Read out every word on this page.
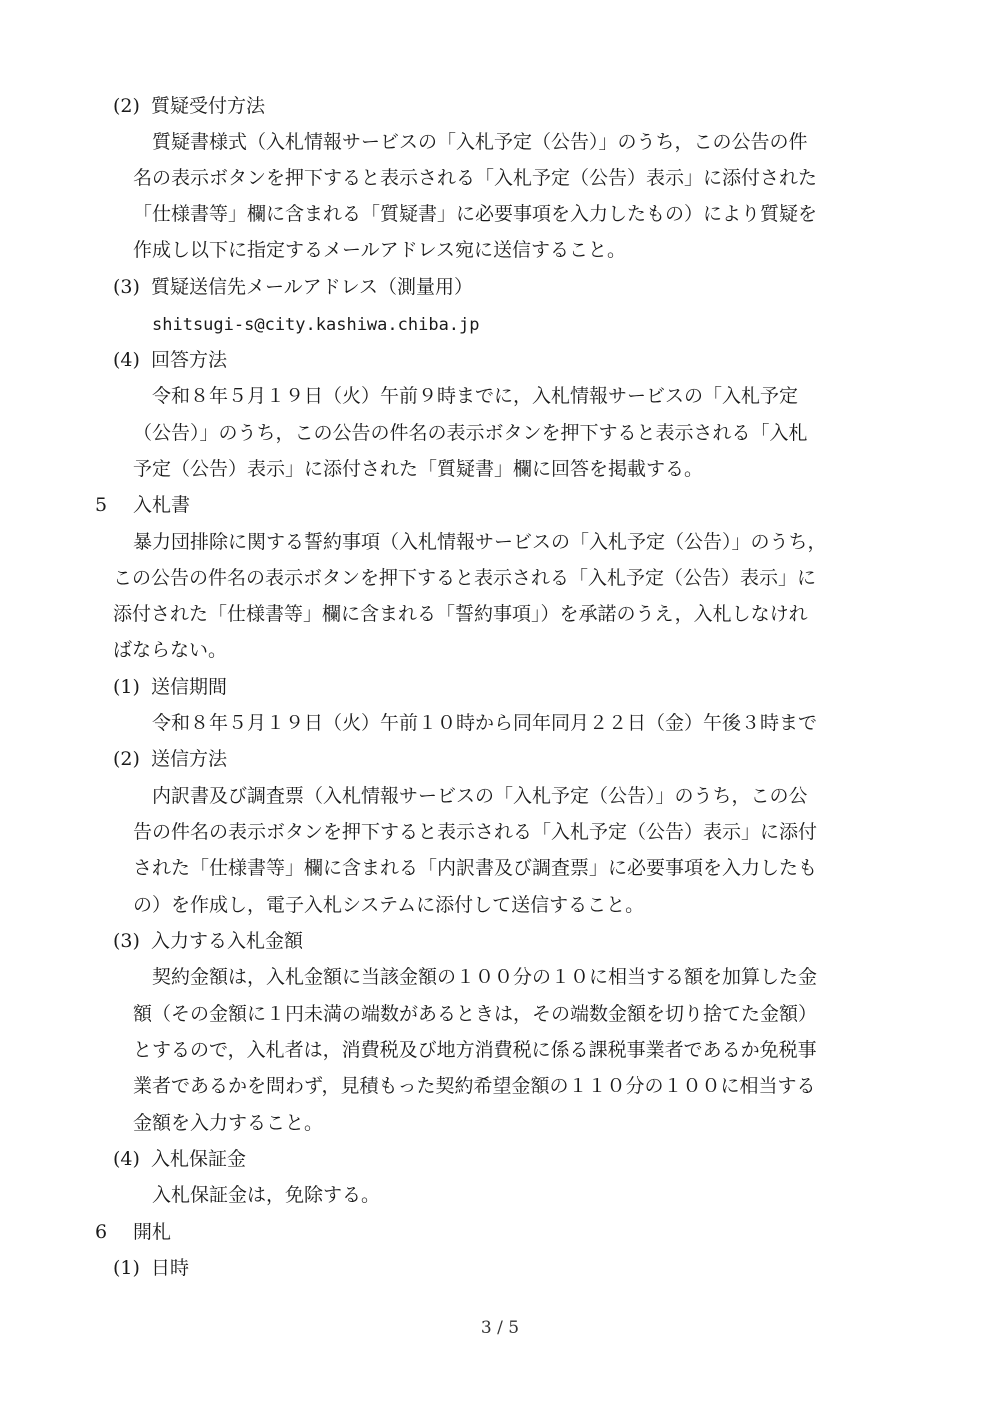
(2) 質疑受付方法
質疑書様式（入札情報サービスの「入札予定（公告）」のうち，この公告の件
名の表示ボタンを押下すると表示される「入札予定（公告）表示」に添付された
「仕様書等」欄に含まれる「質疑書」に必要事項を入力したもの）により質疑を
作成し以下に指定するメールアドレス宛に送信すること。
(3) 質疑送信先メールアドレス（測量用）
shitsugi-s@city.kashiwa.chiba.jp
(4) 回答方法
令和８年５月１９日（火）午前９時までに，入札情報サービスの「入札予定
（公告）」のうち，この公告の件名の表示ボタンを押下すると表示される「入札
予定（公告）表示」に添付された「質疑書」欄に回答を掲載する。
5 入札書
暴力団排除に関する誓約事項（入札情報サービスの「入札予定（公告）」のうち，
この公告の件名の表示ボタンを押下すると表示される「入札予定（公告）表示」に
添付された「仕様書等」欄に含まれる「誓約事項」）を承諾のうえ，入札しなけれ
ばならない。
(1) 送信期間
令和８年５月１９日（火）午前１０時から同年同月２２日（金）午後３時まで
(2) 送信方法
内訳書及び調査票（入札情報サービスの「入札予定（公告）」のうち，この公
告の件名の表示ボタンを押下すると表示される「入札予定（公告）表示」に添付
された「仕様書等」欄に含まれる「内訳書及び調査票」に必要事項を入力したも
の）を作成し，電子入札システムに添付して送信すること。
(3) 入力する入札金額
契約金額は，入札金額に当該金額の１００分の１０に相当する額を加算した金
額（その金額に１円未満の端数があるときは，その端数金額を切り捨てた金額）
とするので，入札者は，消費税及び地方消費税に係る課税事業者であるか免税事
業者であるかを問わず，見積もった契約希望金額の１１０分の１００に相当する
金額を入力すること。
(4) 入札保証金
入札保証金は，免除する。
6 開札
(1) 日時
3 / 5
